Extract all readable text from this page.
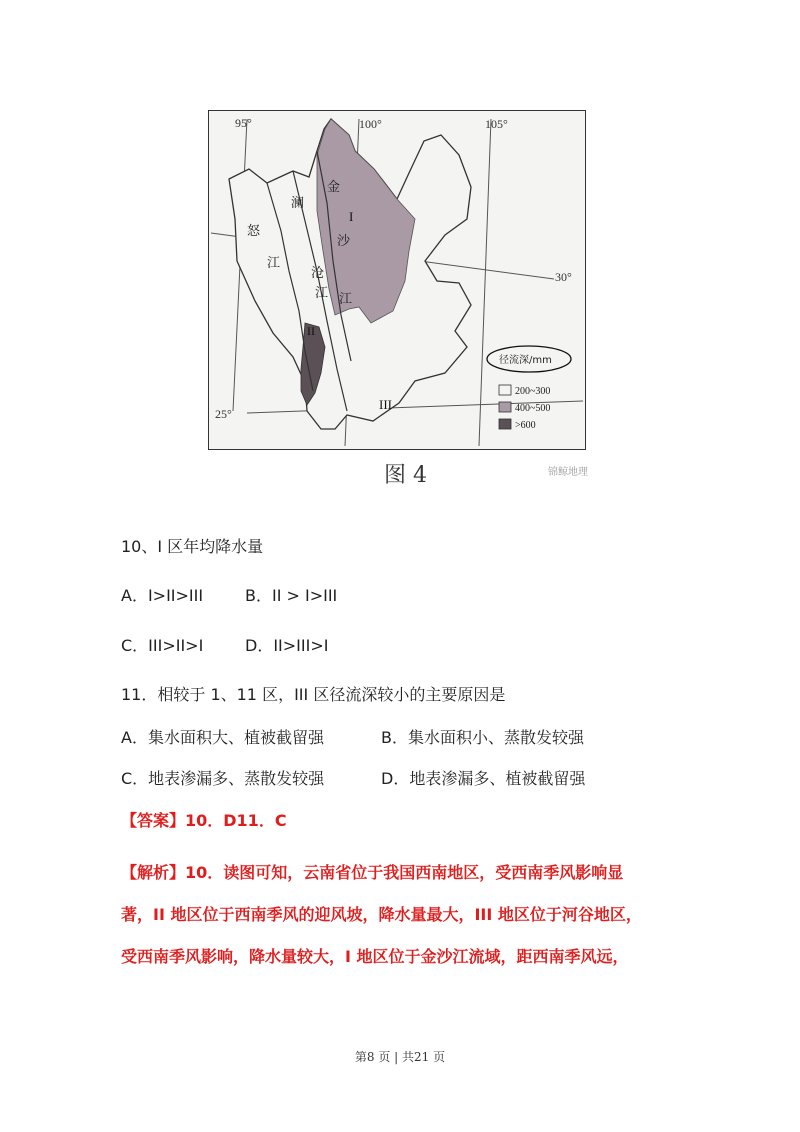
95°	100°	105°
30°
25°
澜
沧
江
怒
江
金
沙
江
I
II
III
径流深/mm
200~300
400~500
>600
图 4	锦鲸地理
10、I 区年均降水量
A．I>II>III	B．II > I>III
C．III>II>I	D．II>III>I
11．相较于 1、11 区，III 区径流深较小的主要原因是
A．集水面积大、植被截留强	B．集水面积小、蒸散发较强
C．地表渗漏多、蒸散发较强	D．地表渗漏多、植被截留强
【答案】10．D11．C
【解析】10．读图可知，云南省位于我国西南地区，受西南季风影响显
著，II 地区位于西南季风的迎风坡，降水量最大，III 地区位于河谷地区，
受西南季风影响，降水量较大，I 地区位于金沙江流域，距西南季风远，
第8 页 | 共21 页
